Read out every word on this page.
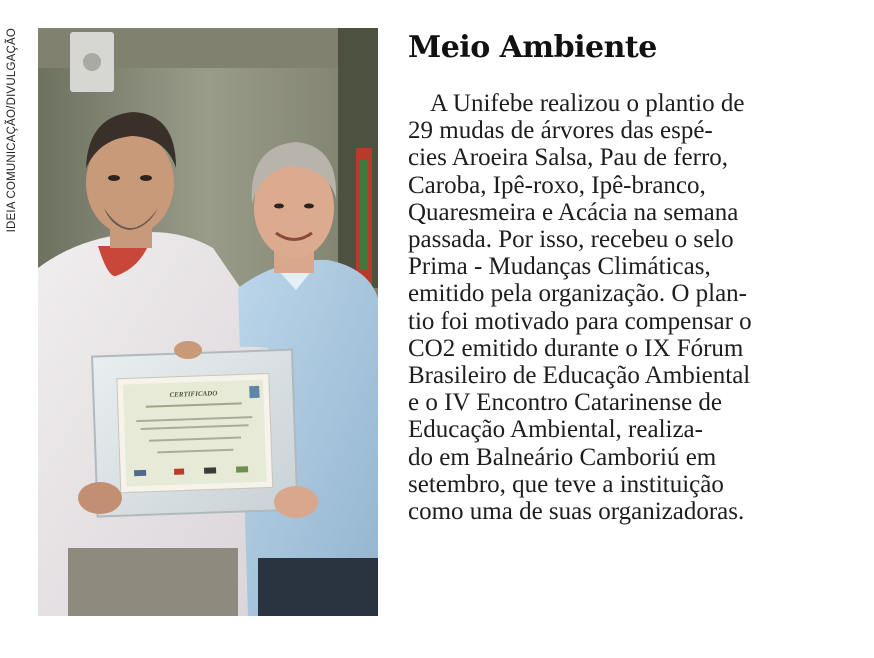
IDEIA COMUNICAÇÃO/DIVULGAÇÃO
CERTIFICADO
Meio Ambiente
A Unifebe realizou o plantio de
29 mudas de árvores das espé-
cies Aroeira Salsa, Pau de ferro,
Caroba, Ipê-roxo, Ipê-branco,
Quaresmeira e Acácia na semana
passada. Por isso, recebeu o selo
Prima - Mudanças Climáticas,
emitido pela organização. O plan-
tio foi motivado para compensar o
CO2 emitido durante o IX Fórum
Brasileiro de Educação Ambiental
e o IV Encontro Catarinense de
Educação Ambiental, realiza-
do em Balneário Camboriú em
setembro, que teve a instituição
como uma de suas organizadoras.
